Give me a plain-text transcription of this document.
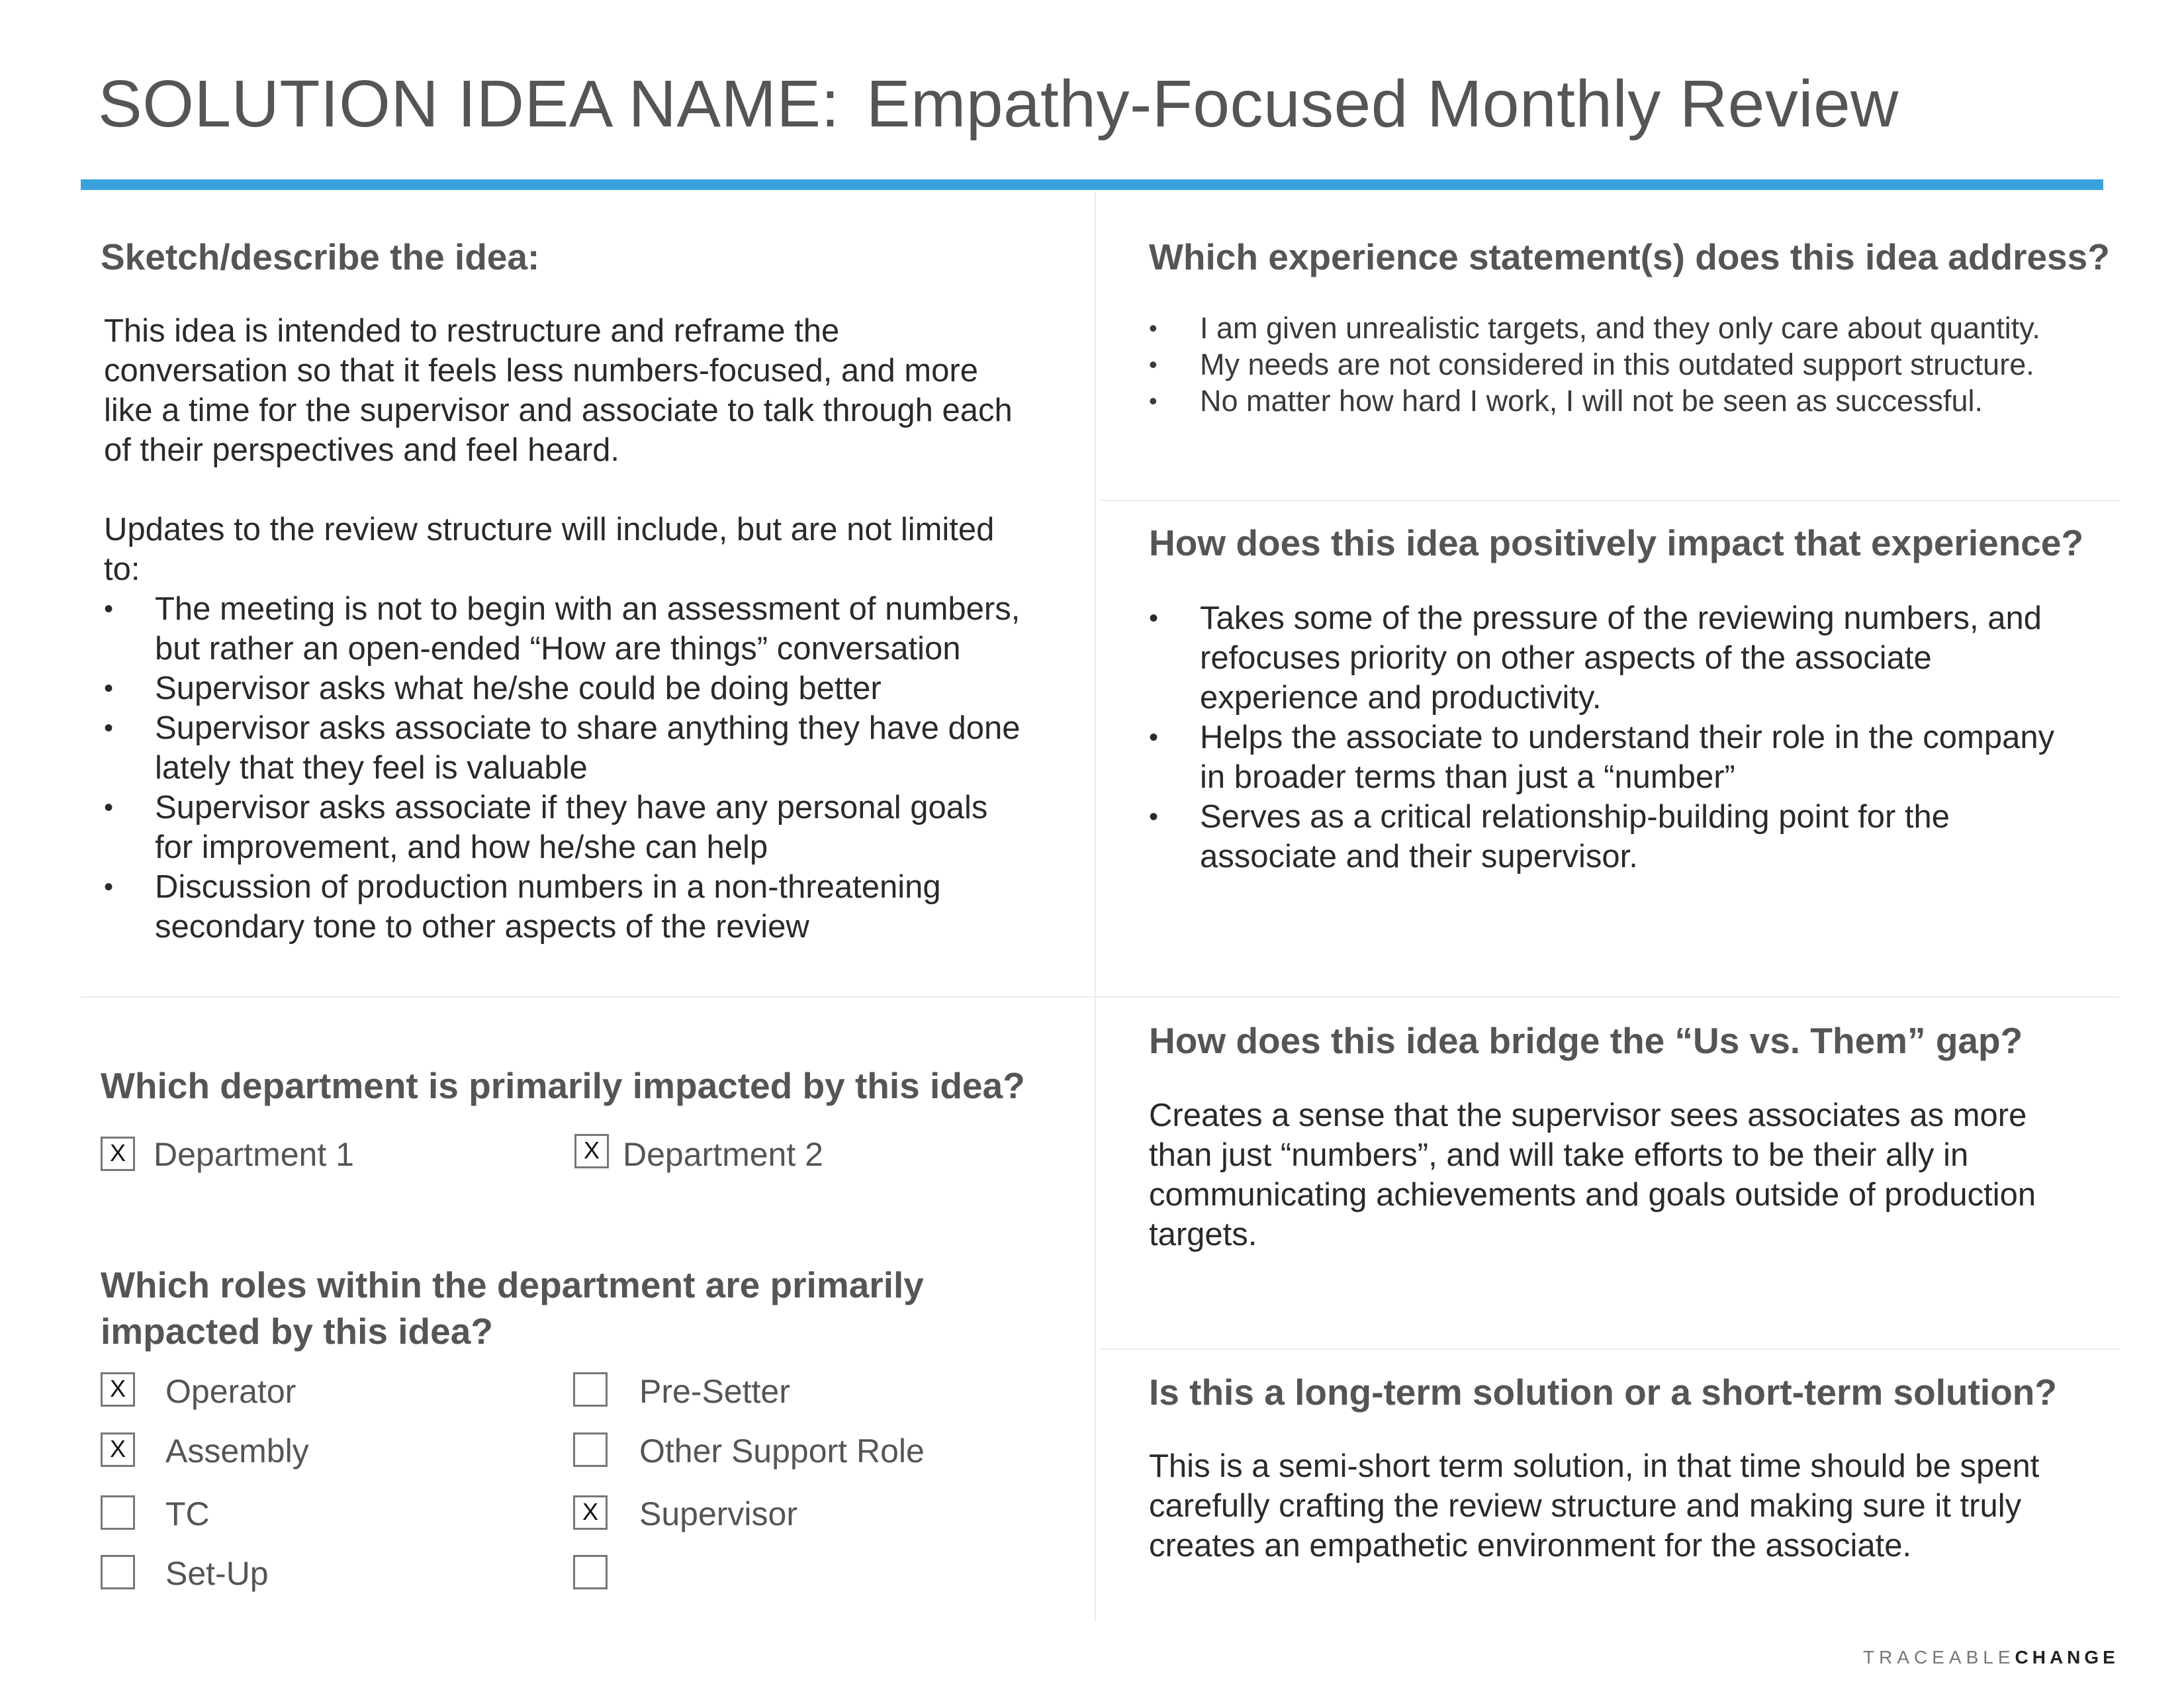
SOLUTION IDEA NAME: Empathy-Focused Monthly Review
Sketch/describe the idea:

This idea is intended to restructure and reframe the conversation so that it feels less numbers-focused, and more like a time for the supervisor and associate to talk through each of their perspectives and feel heard.

Updates to the review structure will include, but are not limited to:

• The meeting is not to begin with an assessment of numbers, but rather an open-ended “How are things” conversation
• Supervisor asks what he/she could be doing better
• Supervisor asks associate to share anything they have done lately that they feel is valuable
• Supervisor asks associate if they have any personal goals for improvement, and how he/she can help
• Discussion of production numbers in a non-threatening secondary tone to other aspects of the review
Which experience statement(s) does this idea address?
• I am given unrealistic targets, and they only care about quantity.
• My needs are not considered in this outdated support structure.
• No matter how hard I work, I will not be seen as successful.
How does this idea positively impact that experience?
• Takes some of the pressure of the reviewing numbers, and refocuses priority on other aspects of the associate experience and productivity.
• Helps the associate to understand their role in the company in broader terms than just a “number”
• Serves as a critical relationship-building point for the associate and their supervisor.
How does this idea bridge the “Us vs. Them” gap?
Creates a sense that the supervisor sees associates as more than just “numbers”, and will take efforts to be their ally in communicating achievements and goals outside of production targets.
Is this a long-term solution or a short-term solution?
This is a semi-short term solution, in that time should be spent carefully crafting the review structure and making sure it truly creates an empathetic environment for the associate.
Which department is primarily impacted by this idea?
X Department 1	X Department 2
Which roles within the department are primarily
impacted by this idea?
X Operator	Pre-Setter
X Assembly	Other Support Role
TC	X Supervisor
Set-Up
TRACEABLECHANGE
